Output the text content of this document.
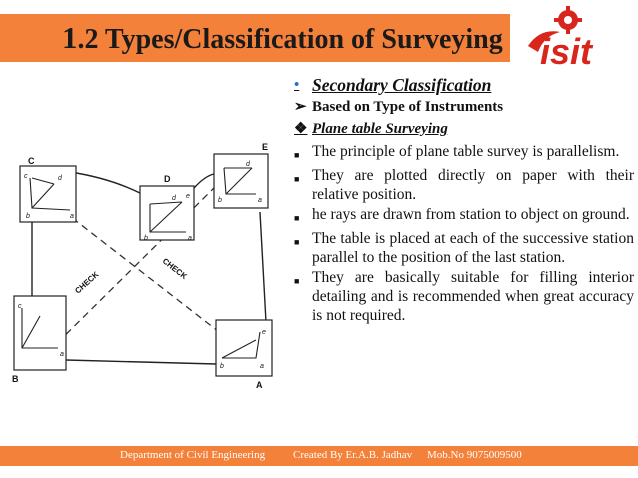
1.2 Types/Classification of Surveying isit
C
D
E
B
A
c	d
b	a
d e
b	a
d
b	a
c
a
e
b	a
CHECK
CHECK
• Secondary Classification
➢ Based on Type of Instruments
❖ Plane table Surveying
■ The principle of plane table survey is parallelism.
■ They are plotted directly on paper with their relative position.
■ he rays are drawn from station to object on ground.
■ The table is placed at each of the successive station parallel to the position of the last station.
■ They are basically suitable for filling interior detailing and is recommended when great accuracy is not required.
Department of Civil Engineering	Created By Er.A.B. Jadhav Mob.No 9075009500
